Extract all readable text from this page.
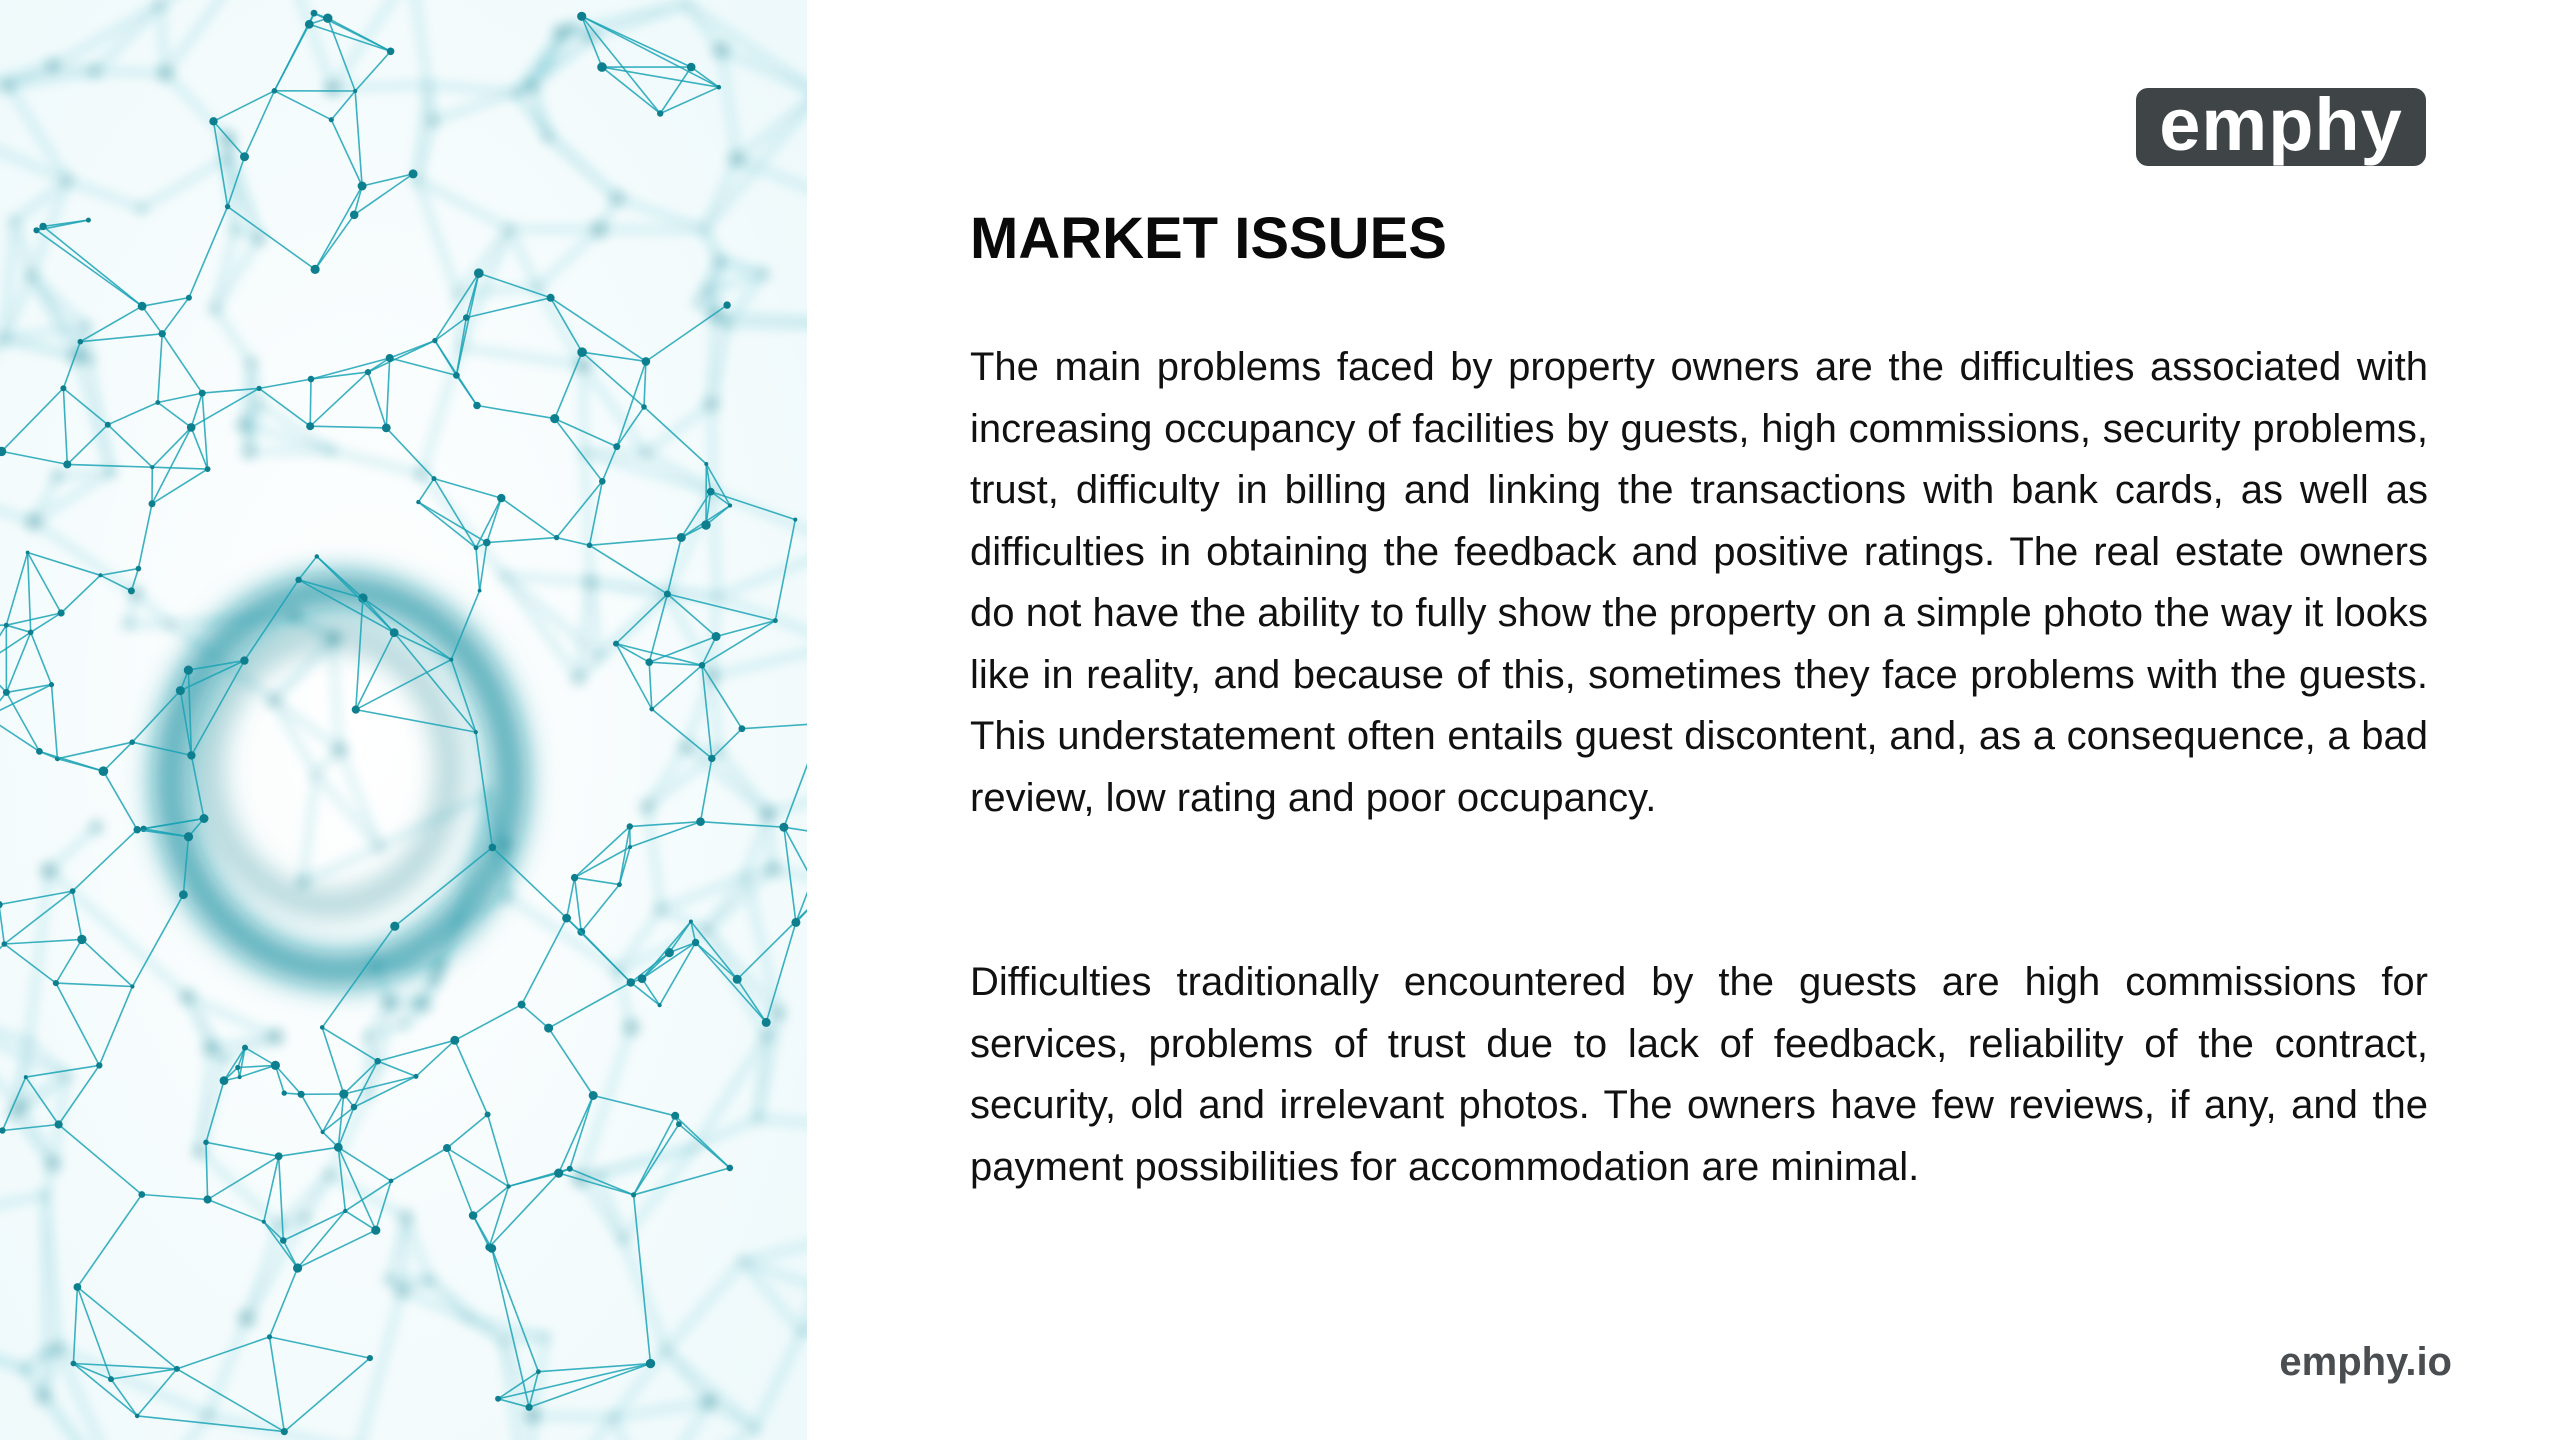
emphy
MARKET ISSUES

The main problems faced by property owners are the difficulties associated with increasing occupancy of facilities by guests, high commissions, security problems, trust, difficulty in billing and linking the transactions with bank cards, as well as difficulties in obtaining the feedback and positive ratings. The real estate owners do not have the ability to fully show the property on a simple photo the way it looks like in reality, and because of this, sometimes they face problems with the guests. This understatement often entails guest discontent, and, as a consequence, a bad review, low rating and poor occupancy.

Difficulties traditionally encountered by the guests are high commissions for services, problems of trust due to lack of feedback, reliability of the contract, security, old and irrelevant photos. The owners have few reviews, if any, and the payment possibilities for accommodation are minimal.

emphy.io
